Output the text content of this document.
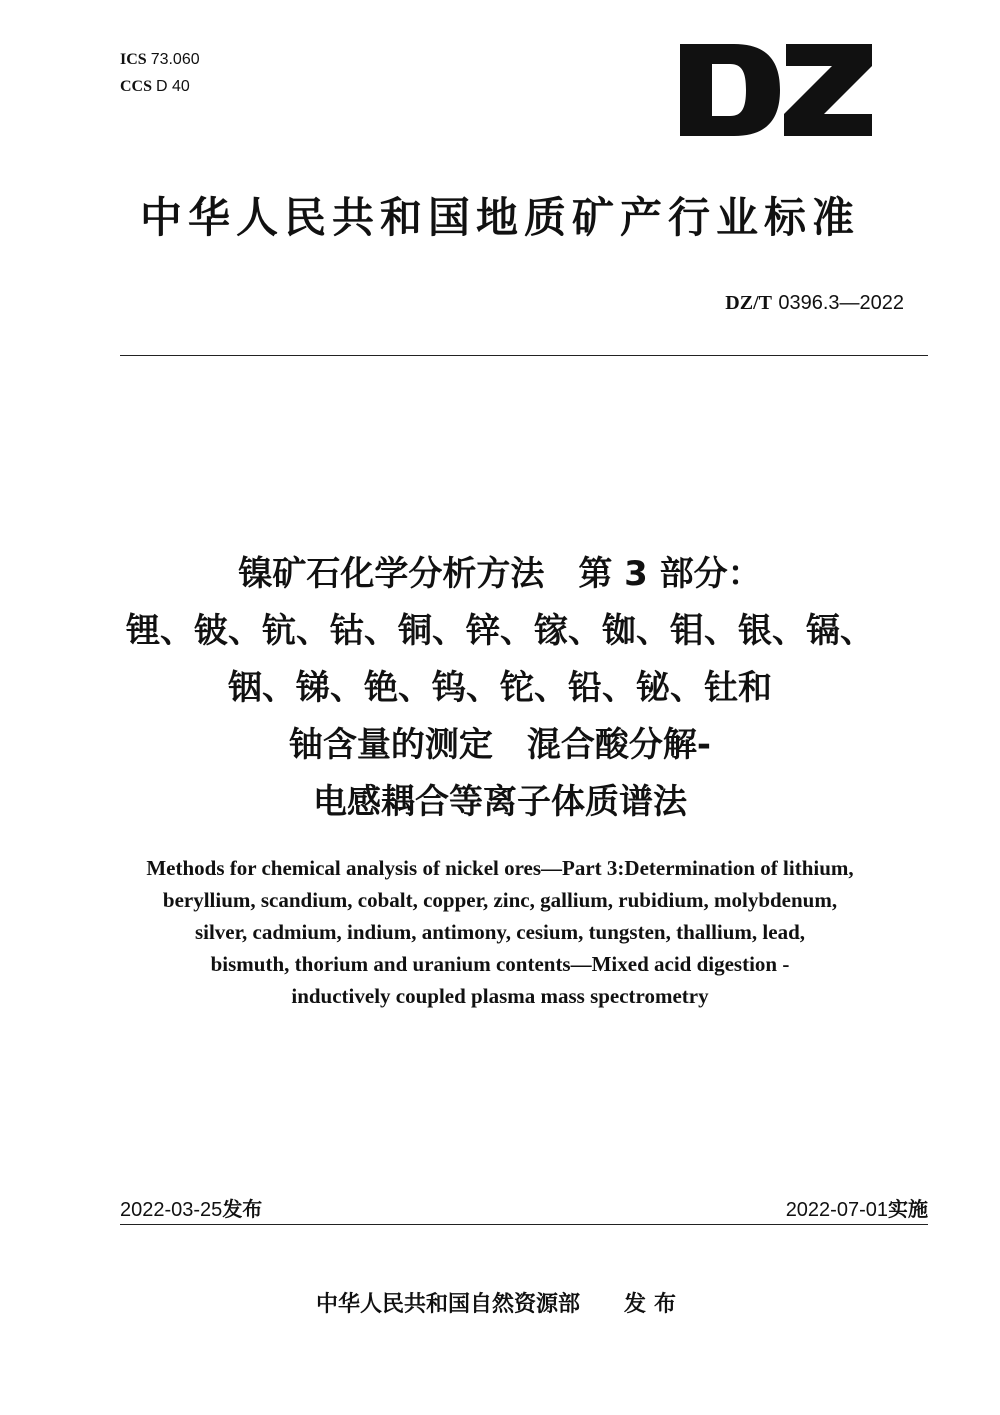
ICS 73.060
CCS D 40
中华人民共和国地质矿产行业标准
DZ/T 0396.3—2022
镍矿石化学分析方法　第 3 部分：
锂、铍、钪、钴、铜、锌、镓、铷、钼、银、镉、
铟、锑、铯、钨、铊、铅、铋、钍和
铀含量的测定　混合酸分解-
电感耦合等离子体质谱法
Methods for chemical analysis of nickel ores—Part 3:Determination of lithium,
beryllium, scandium, cobalt, copper, zinc, gallium, rubidium, molybdenum,
silver, cadmium, indium, antimony, cesium, tungsten, thallium, lead,
bismuth, thorium and uranium contents—Mixed acid digestion -
inductively coupled plasma mass spectrometry
2022-03-25发布	2022-07-01实施
中华人民共和国自然资源部 发布
